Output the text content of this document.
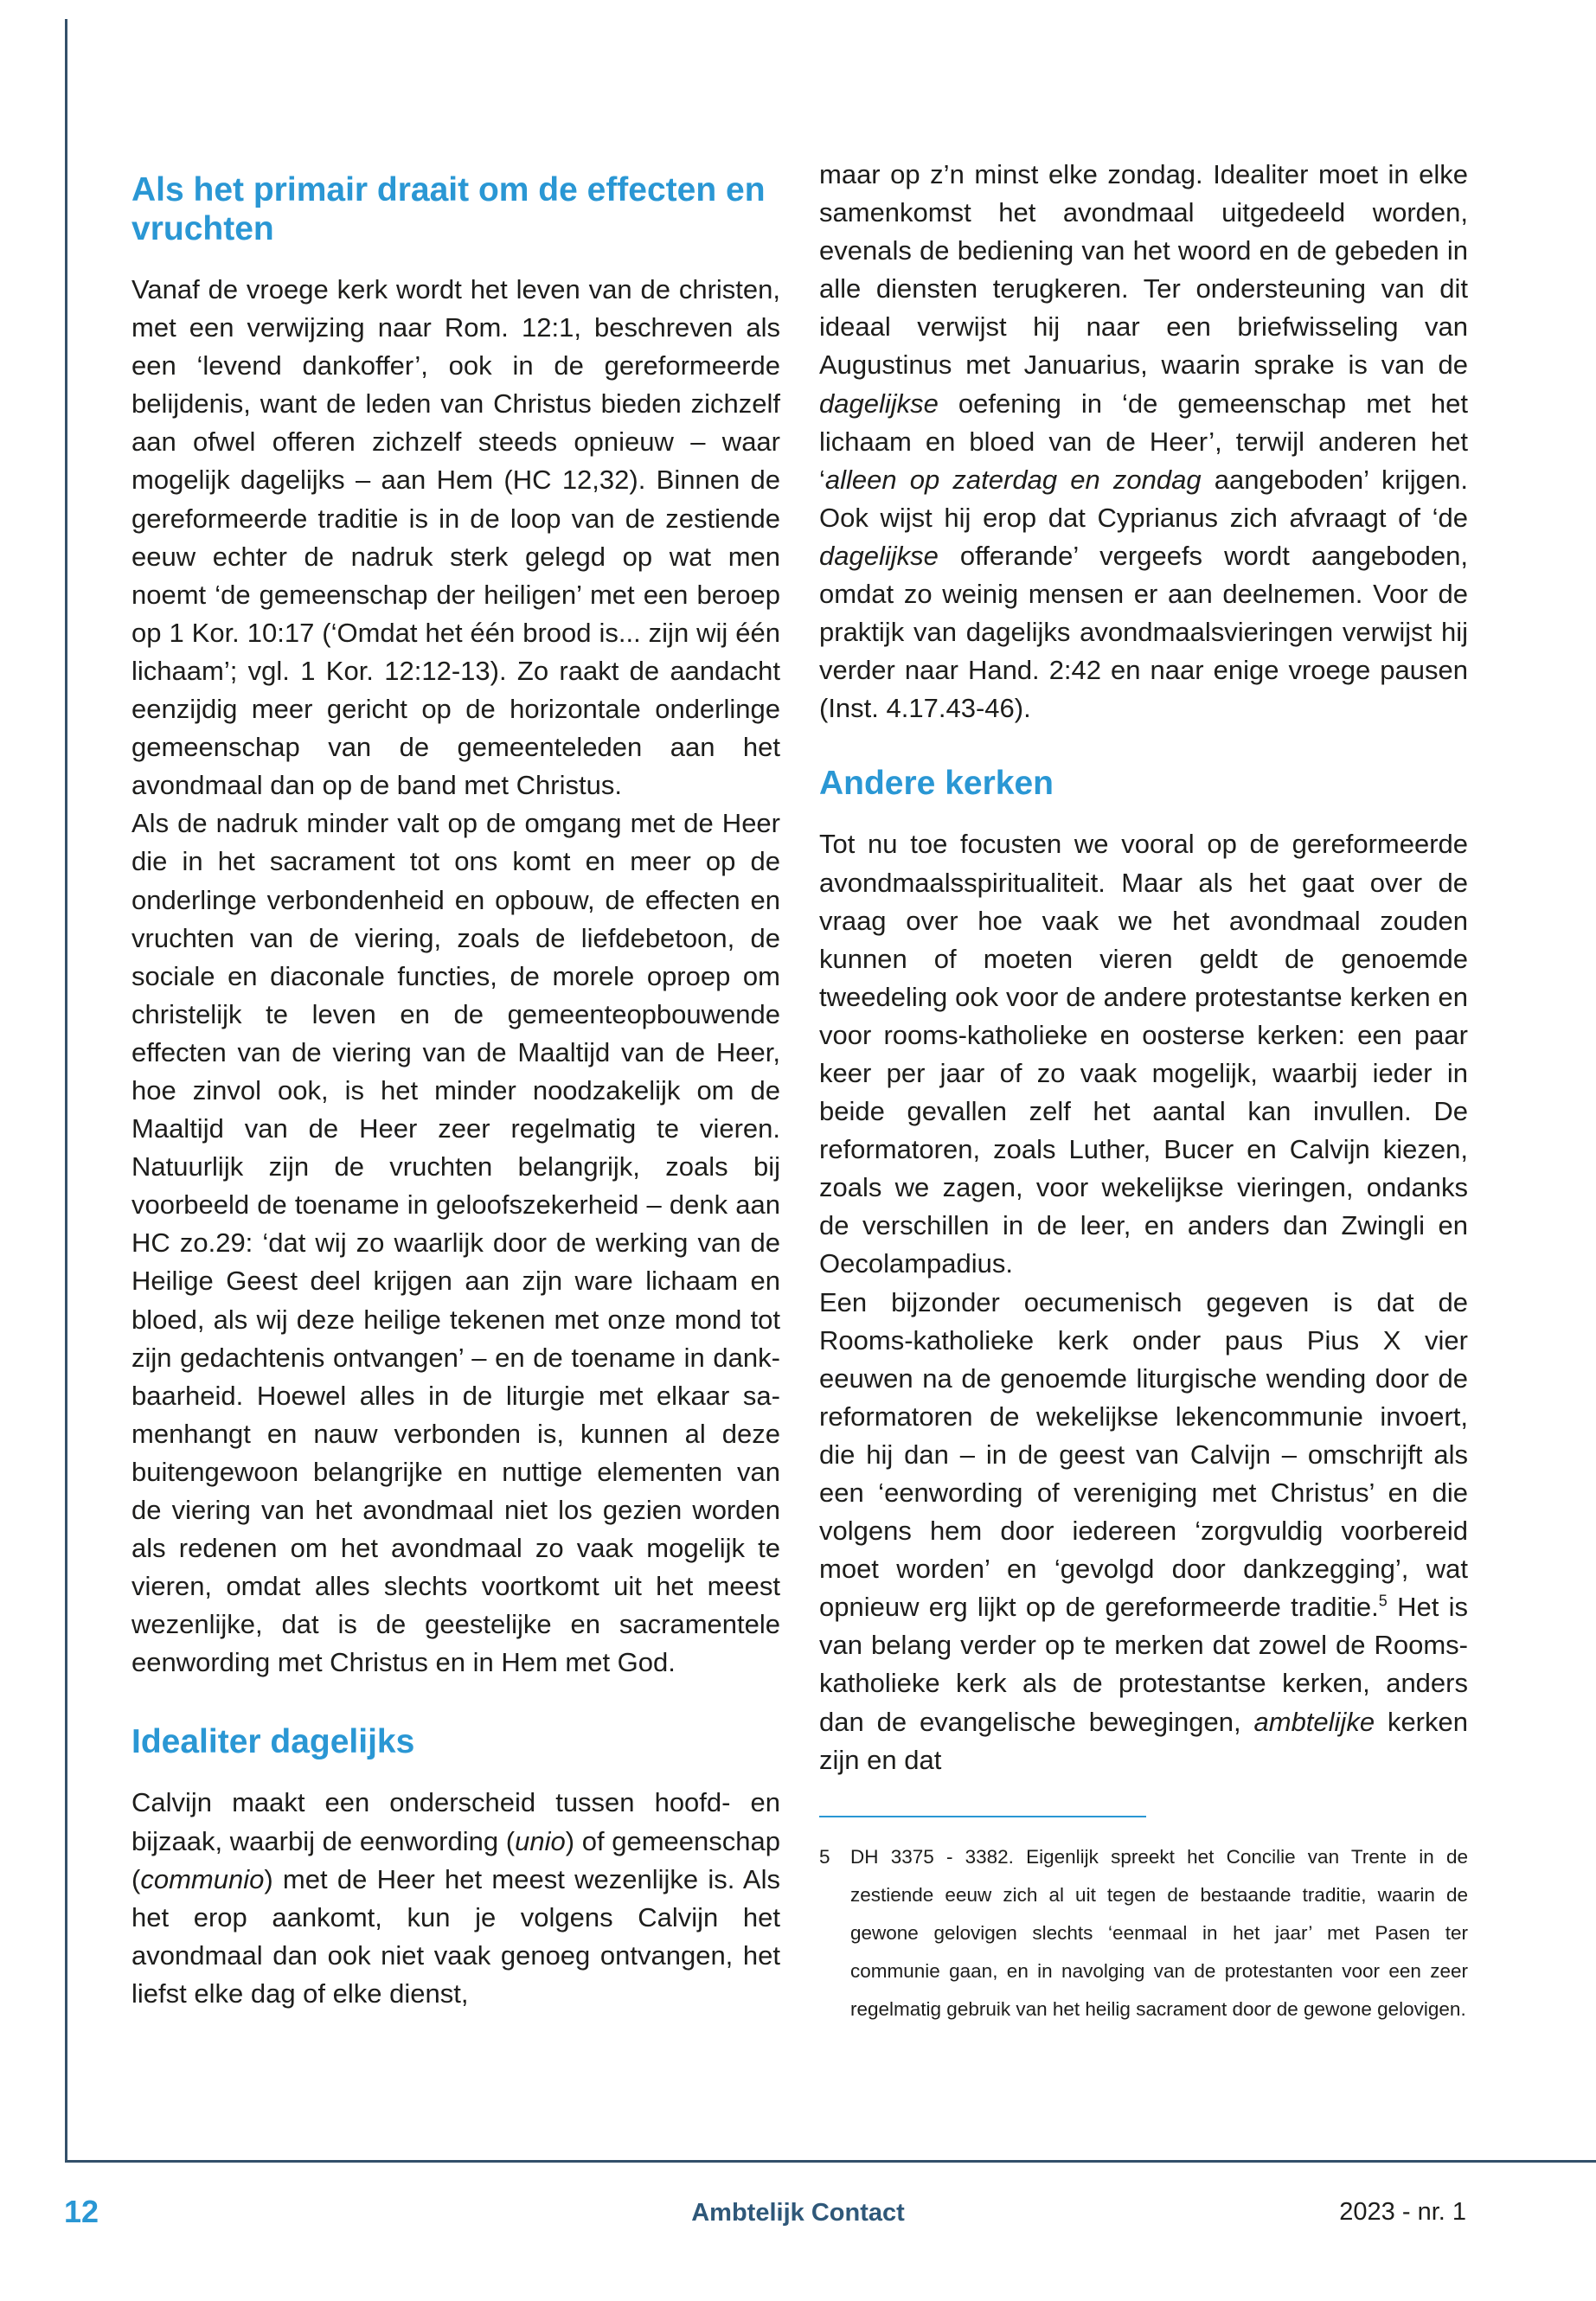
Als het primair draait om de effecten en vruchten

Vanaf de vroege kerk wordt het leven van de christen, met een verwijzing naar Rom. 12:1, beschreven als een ‘levend dankoffer’, ook in de gereformeerde belijdenis, want de leden van Christus bieden zichzelf aan ofwel offeren zichzelf steeds opnieuw – waar mogelijk dagelijks – aan Hem (HC 12,32). Binnen de gereformeerde traditie is in de loop van de zestiende eeuw echter de nadruk sterk gelegd op wat men noemt ‘de gemeenschap der heiligen’ met een beroep op 1 Kor. 10:17 (‘Omdat het één brood is... zijn wij één lichaam’; vgl. 1 Kor. 12:12-13). Zo raakt de aandacht eenzijdig meer gericht op de horizontale onderlinge gemeenschap van de gemeenteleden aan het avondmaal dan op de band met Christus.

Als de nadruk minder valt op de omgang met de Heer die in het sacrament tot ons komt en meer op de onderlinge verbondenheid en opbouw, de effecten en vruchten van de viering, zoals de liefdebetoon, de sociale en diaconale functies, de morele oproep om christelijk te leven en de gemeenteopbouwende effecten van de viering van de Maaltijd van de Heer, hoe zinvol ook, is het minder noodzakelijk om de Maaltijd van de Heer zeer regelmatig te vieren. Natuurlijk zijn de vruchten belangrijk, zoals bij voorbeeld de toename in geloofszekerheid – denk aan HC zo.29: ‘dat wij zo waarlijk door de werking van de Heilige Geest deel krijgen aan zijn ware lichaam en bloed, als wij deze heilige tekenen met onze mond tot zijn gedachtenis ontvangen’ – en de toename in dankbaarheid. Hoewel alles in de liturgie met elkaar samenhangt en nauw verbonden is, kunnen al deze buitengewoon belangrijke en nuttige elementen van de viering van het avondmaal niet los gezien worden als redenen om het avondmaal zo vaak mogelijk te vieren, omdat alles slechts voortkomt uit het meest wezenlijke, dat is de geestelijke en sacramentele eenwording met Christus en in Hem met God.

Idealiter dagelijks

Calvijn maakt een onderscheid tussen hoofd- en bijzaak, waarbij de eenwording (unio) of gemeenschap (communio) met de Heer het meest wezenlijke is. Als het erop aankomt, kun je volgens Calvijn het avondmaal dan ook niet vaak genoeg ontvangen, het liefst elke dag of elke dienst,

maar op z’n minst elke zondag. Idealiter moet in elke samenkomst het avondmaal uitgedeeld worden, evenals de bediening van het woord en de gebeden in alle diensten terugkeren. Ter ondersteuning van dit ideaal verwijst hij naar een briefwisseling van Augustinus met Januarius, waarin sprake is van de dagelijkse oefening in ‘de gemeenschap met het lichaam en bloed van de Heer’, terwijl anderen het ‘alleen op zaterdag en zondag aangeboden’ krijgen. Ook wijst hij erop dat Cyprianus zich afvraagt of ‘de dagelijkse offerande’ vergeefs wordt aangeboden, omdat zo weinig mensen er aan deelnemen. Voor de praktijk van dagelijks avondmaalsvieringen verwijst hij verder naar Hand. 2:42 en naar enige vroege pausen (Inst. 4.17.43-46).

Andere kerken

Tot nu toe focusten we vooral op de gereformeerde avondmaalsspiritualiteit. Maar als het gaat over de vraag over hoe vaak we het avondmaal zouden kunnen of moeten vieren geldt de genoemde tweedeling ook voor de andere protestantse kerken en voor rooms-katholieke en oosterse kerken: een paar keer per jaar of zo vaak mogelijk, waarbij ieder in beide gevallen zelf het aantal kan invullen. De reformatoren, zoals Luther, Bucer en Calvijn kiezen, zoals we zagen, voor wekelijkse vieringen, ondanks de verschillen in de leer, en anders dan Zwingli en Oecolampadius.

Een bijzonder oecumenisch gegeven is dat de Rooms-katholieke kerk onder paus Pius X vier eeuwen na de genoemde liturgische wending door de reformatoren de wekelijkse lekencommunie invoert, die hij dan – in de geest van Calvijn – omschrijft als een ‘eenwording of vereniging met Christus’ en die volgens hem door iedereen ‘zorgvuldig voorbereid moet worden’ en ‘gevolgd door dankzegging’, wat opnieuw erg lijkt op de gereformeerde traditie.$^5$ Het is van belang verder op te merken dat zowel de Rooms-katholieke kerk als de protestantse kerken, anders dan de evangelische bewegingen, ambtelijke kerken zijn en dat

5	DH 3375 - 3382. Eigenlijk spreekt het Concilie van Trente in de zestiende eeuw zich al uit tegen de bestaande traditie, waarin de gewone gelovigen slechts ‘eenmaal in het jaar’ met Pasen ter communie gaan, en in navolging van de protestanten voor een zeer regelmatig gebruik van het heilig sacrament door de gewone gelovigen.
12	Ambtelijk Contact	2023 - nr. 1
